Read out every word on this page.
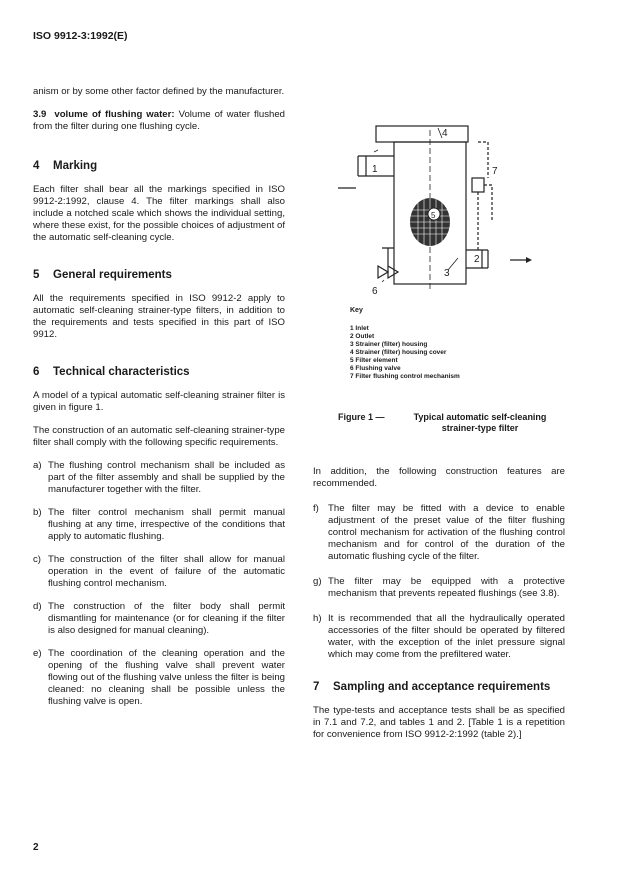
ISO 9912-3:1992(E)

anism or by some other factor defined by the manufacturer.

3.9 volume of flushing water: Volume of water flushed from the filter during one flushing cycle.

4	Marking

Each filter shall bear all the markings specified in ISO 9912-2:1992, clause 4. The filter markings shall also include a notched scale which shows the individual setting, where these exist, for the possible choices of adjustment of the automatic self-cleaning cycle.

5	General requirements

All the requirements specified in ISO 9912-2 apply to automatic self-cleaning strainer-type filters, in addition to the requirements and tests specified in this part of ISO 9912.

6	Technical characteristics

A model of a typical automatic self-cleaning strainer filter is given in figure 1.

The construction of an automatic self-cleaning strainer-type filter shall comply with the following specific requirements.

a) The flushing control mechanism shall be included as part of the filter assembly and shall be supplied by the manufacturer together with the filter.
b) The filter control mechanism shall permit manual flushing at any time, irrespective of the conditions that apply to automatic flushing.
c) The construction of the filter shall allow for manual operation in the event of failure of the automatic flushing control mechanism.
d) The construction of the filter body shall permit dismantling for maintenance (or for cleaning if the filter is also designed for manual cleaning).
e) The coordination of the cleaning operation and the opening of the flushing valve shall prevent water flowing out of the flushing valve unless the filter is being cleaned: no cleaning shall be possible unless the flushing valve is open.
1
2
3
4
5
6
7
Key
1 Inlet
2 Outlet
3 Strainer (filter) housing
4 Strainer (filter) housing cover
5 Filter element
6 Flushing valve
7 Filter flushing control mechanism
Figure 1 —	Typical automatic self-cleaning strainer-type filter

In addition, the following construction features are recommended.

f) The filter may be fitted with a device to enable adjustment of the preset value of the filter flushing control mechanism for activation of the flushing control mechanism and for control of the duration of the automatic flushing cycle of the filter.
g) The filter may be equipped with a protective mechanism that prevents repeated flushings (see 3.8).
h) It is recommended that all the hydraulically operated accessories of the filter should be operated by filtered water, with the exception of the inlet pressure signal which may come from the prefiltered water.
7	Sampling and acceptance requirements

The type-tests and acceptance tests shall be as specified in 7.1 and 7.2, and tables 1 and 2. [Table 1 is a repetition for convenience from ISO 9912-2:1992 (table 2).]

2
